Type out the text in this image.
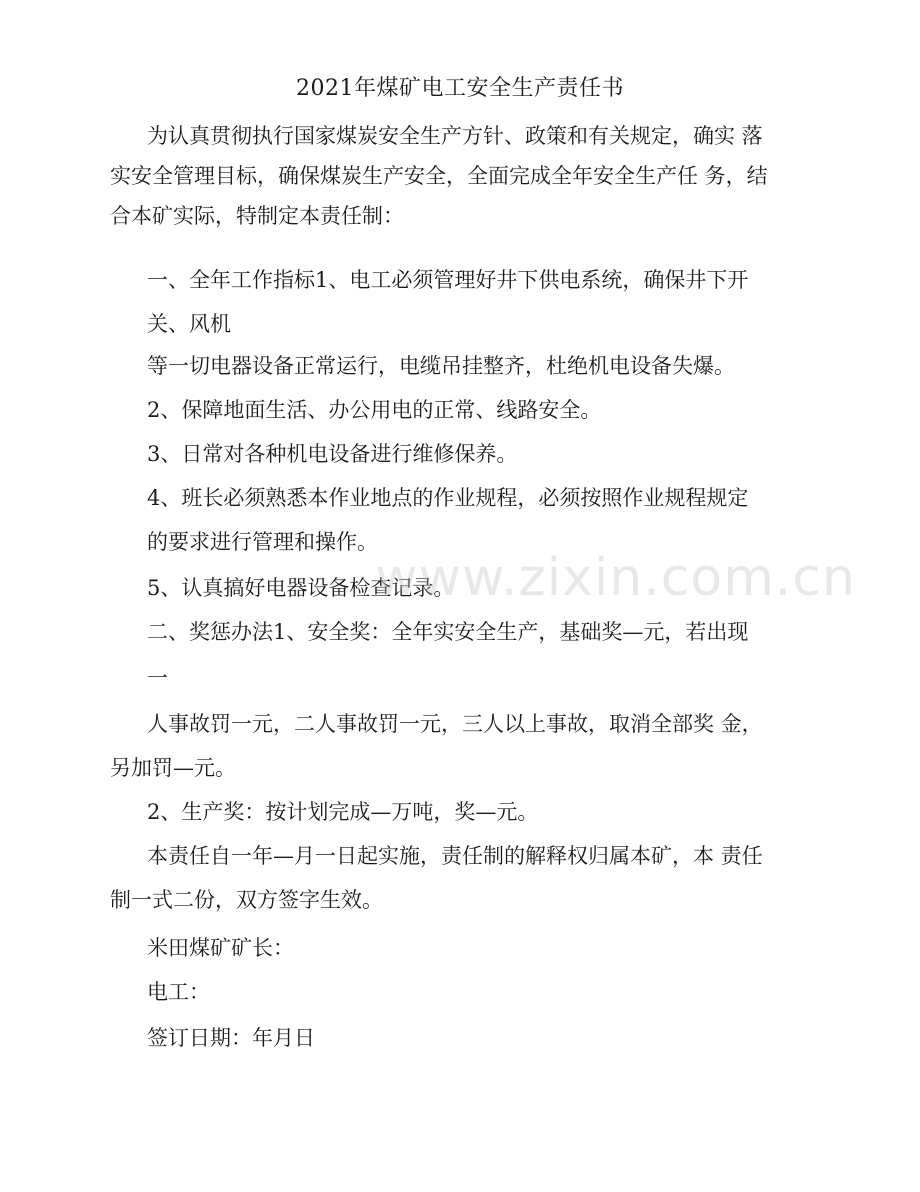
2021年煤矿电工安全生产责任书
为认真贯彻执行国家煤炭安全生产方针、政策和有关规定，确实 落
实安全管理目标，确保煤炭生产安全，全面完成全年安全生产任 务，结
合本矿实际，特制定本责任制：
一、全年工作指标1、电工必须管理好井下供电系统，确保井下开
关、风机
等一切电器设备正常运行，电缆吊挂整齐，杜绝机电设备失爆。
2、保障地面生活、办公用电的正常、线路安全。
3、日常对各种机电设备进行维修保养。
4、班长必须熟悉本作业地点的作业规程，必须按照作业规程规定
的要求进行管理和操作。
5、认真搞好电器设备检查记录。
二、奖惩办法1、安全奖：全年实安全生产，基础奖—元，若出现
一
人事故罚一元，二人事故罚一元，三人以上事故，取消全部奖 金，
另加罚—元。
2、生产奖：按计划完成—万吨，奖—元。
本责任自一年—月一日起实施，责任制的解释权归属本矿，本 责任
制一式二份，双方签字生效。
米田煤矿矿长：
电工：
签订日期：年月日
www.zixin.com.cn
